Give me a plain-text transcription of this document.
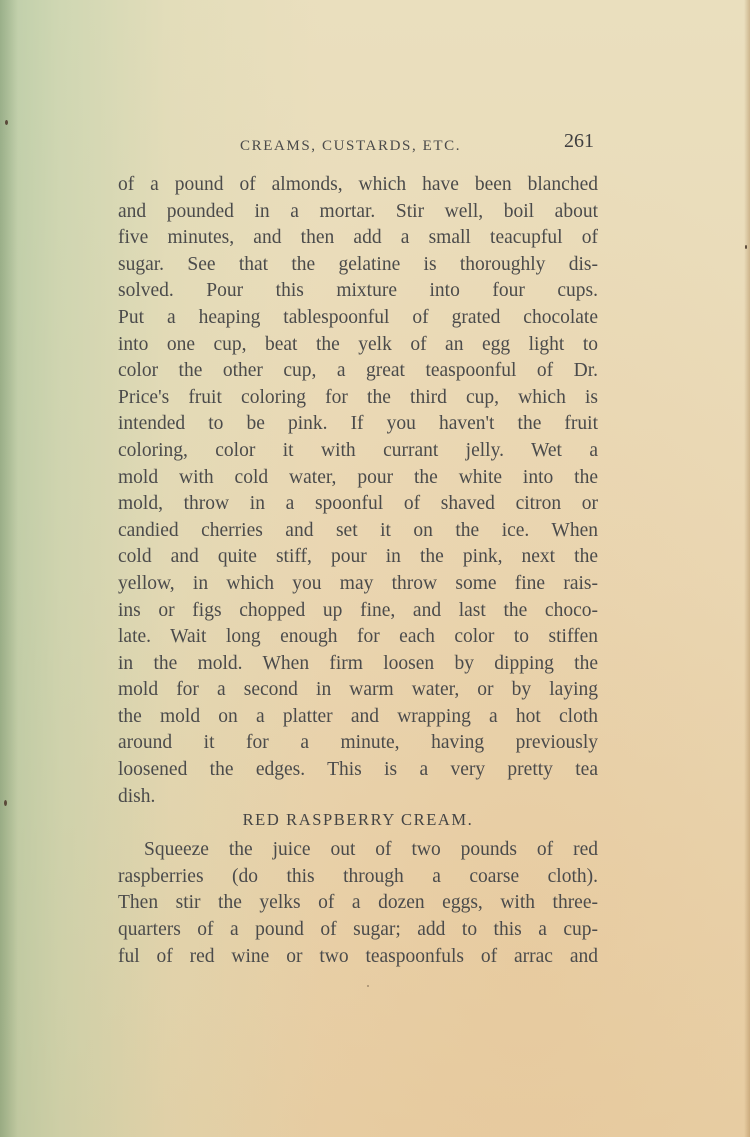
CREAMS, CUSTARDS, ETC.	261
of a pound of almonds, which have been blanched
and pounded in a mortar. Stir well, boil about
five minutes, and then add a small teacupful of
sugar. See that the gelatine is thoroughly dis-
solved. Pour this mixture into four cups.
Put a heaping tablespoonful of grated chocolate
into one cup, beat the yelk of an egg light to
color the other cup, a great teaspoonful of Dr.
Price's fruit coloring for the third cup, which is
intended to be pink. If you haven't the fruit
coloring, color it with currant jelly. Wet a
mold with cold water, pour the white into the
mold, throw in a spoonful of shaved citron or
candied cherries and set it on the ice. When
cold and quite stiff, pour in the pink, next the
yellow, in which you may throw some fine rais-
ins or figs chopped up fine, and last the choco-
late. Wait long enough for each color to stiffen
in the mold. When firm loosen by dipping the
mold for a second in warm water, or by laying
the mold on a platter and wrapping a hot cloth
around it for a minute, having previously
loosened the edges. This is a very pretty tea
dish.
RED RASPBERRY CREAM.
Squeeze the juice out of two pounds of red
raspberries (do this through a coarse cloth).
Then stir the yelks of a dozen eggs, with three-
quarters of a pound of sugar; add to this a cup-
ful of red wine or two teaspoonfuls of arrac and
